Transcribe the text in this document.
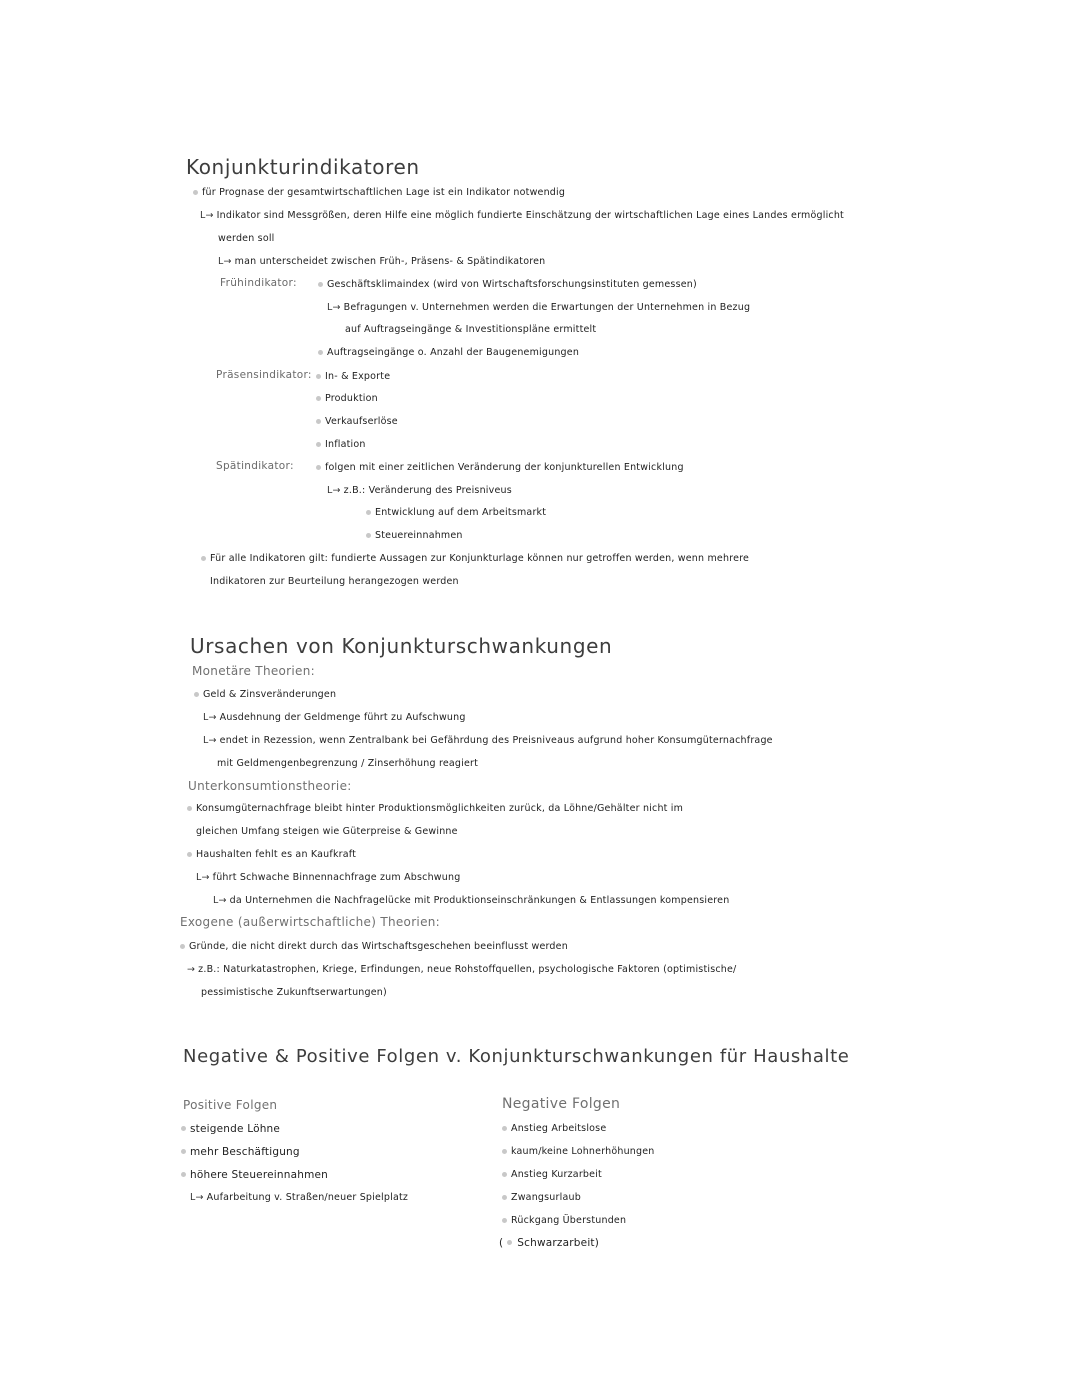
Konjunkturindikatoren
für Prognase der gesamtwirtschaftlichen Lage ist ein Indikator notwendig
L→ Indikator sind Messgrößen, deren Hilfe eine möglich fundierte Einschätzung der wirtschaftlichen Lage eines Landes ermöglicht
werden soll
L→ man unterscheidet zwischen Früh-, Präsens- & Spätindikatoren
Frühindikator:	Geschäftsklimaindex (wird von Wirtschaftsforschungsinstituten gemessen)
L→ Befragungen v. Unternehmen werden die Erwartungen der Unternehmen in Bezug
auf Auftragseingänge & Investitionspläne ermittelt
Auftragseingänge o. Anzahl der Baugenemigungen
Präsensindikator: In- & Exporte
Produktion
Verkaufserlöse
Inflation
Spätindikator:	folgen mit einer zeitlichen Veränderung der konjunkturellen Entwicklung
L→ z.B.: Veränderung des Preisniveus
Entwicklung auf dem Arbeitsmarkt
Steuereinnahmen
Für alle Indikatoren gilt: fundierte Aussagen zur Konjunkturlage können nur getroffen werden, wenn mehrere
Indikatoren zur Beurteilung herangezogen werden
Ursachen von Konjunkturschwankungen
Monetäre Theorien:
Geld & Zinsveränderungen
L→ Ausdehnung der Geldmenge führt zu Aufschwung
L→ endet in Rezession, wenn Zentralbank bei Gefährdung des Preisniveaus aufgrund hoher Konsumgüternachfrage
mit Geldmengenbegrenzung / Zinserhöhung reagiert
Unterkonsumtionstheorie:
Konsumgüternachfrage bleibt hinter Produktionsmöglichkeiten zurück, da Löhne/Gehälter nicht im
gleichen Umfang steigen wie Güterpreise & Gewinne
Haushalten fehlt es an Kaufkraft
L→ führt Schwache Binnennachfrage zum Abschwung
L→ da Unternehmen die Nachfragelücke mit Produktionseinschränkungen & Entlassungen kompensieren
Exogene (außerwirtschaftliche) Theorien:
Gründe, die nicht direkt durch das Wirtschaftsgeschehen beeinflusst werden
→ z.B.: Naturkatastrophen, Kriege, Erfindungen, neue Rohstoffquellen, psychologische Faktoren (optimistische/
pessimistische Zukunftserwartungen)
Negative & Positive Folgen v. Konjunkturschwankungen für Haushalte
Positive Folgen
steigende Löhne
mehr Beschäftigung
höhere Steuereinnahmen
L→ Aufarbeitung v. Straßen/neuer Spielplatz
Negative Folgen
Anstieg Arbeitslose
kaum/keine Lohnerhöhungen
Anstieg Kurzarbeit
Zwangsurlaub
Rückgang Überstunden
( Schwarzarbeit)
